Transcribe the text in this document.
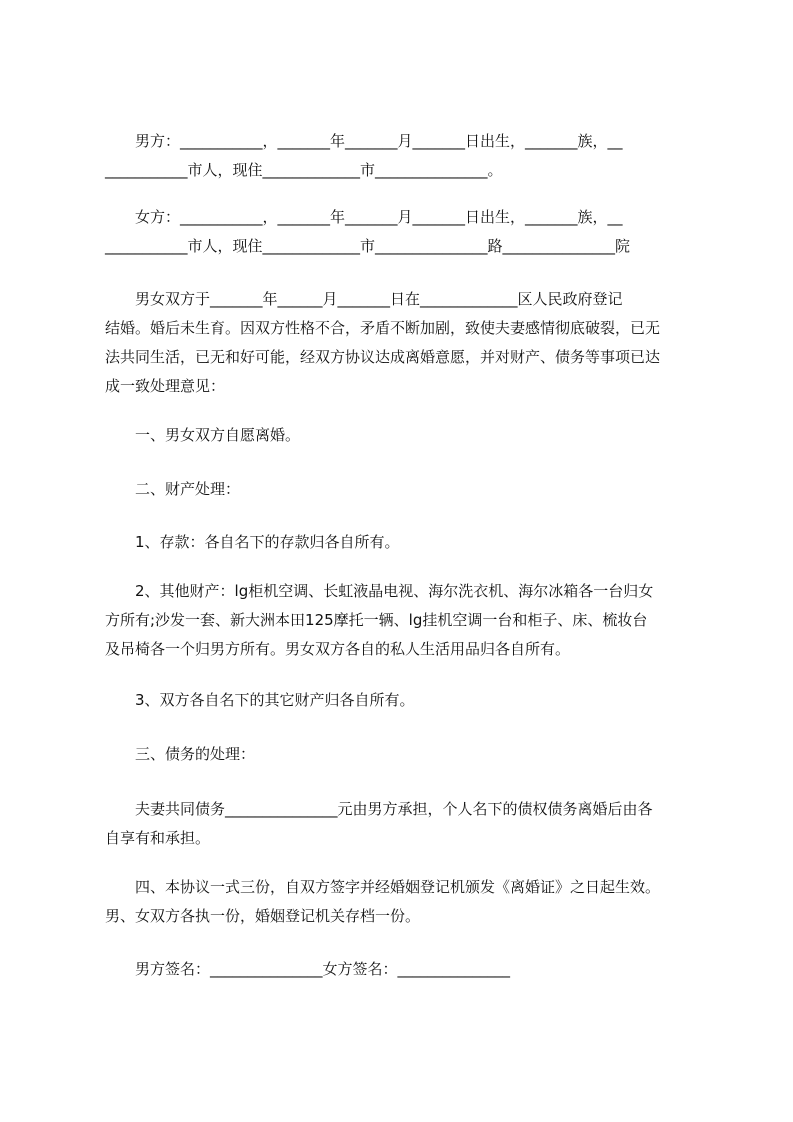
　　男方：___________，_______年_______月_______日出生，_______族，__
___________市人，现住_____________市_______________。
　　女方：___________，_______年_______月_______日出生，_______族，__
___________市人，现住_____________市_______________路_______________院
　　男女双方于_______年______月_______日在_____________区人民政府登记
结婚。婚后未生育。因双方性格不合，矛盾不断加剧，致使夫妻感情彻底破裂，已无
法共同生活，已无和好可能，经双方协议达成离婚意愿，并对财产、债务等事项已达
成一致处理意见：
　　一、男女双方自愿离婚。
　　二、财产处理：
　　1、存款：各自名下的存款归各自所有。
　　2、其他财产：lg柜机空调、长虹液晶电视、海尔洗衣机、海尔冰箱各一台归女
方所有;沙发一套、新大洲本田125摩托一辆、lg挂机空调一台和柜子、床、梳妆台
及吊椅各一个归男方所有。男女双方各自的私人生活用品归各自所有。
　　3、双方各自名下的其它财产归各自所有。
　　三、债务的处理：
　　夫妻共同债务_______________元由男方承担，个人名下的债权债务离婚后由各
自享有和承担。
　　四、本协议一式三份，自双方签字并经婚姻登记机颁发《离婚证》之日起生效。
男、女双方各执一份，婚姻登记机关存档一份。
　　男方签名：_______________女方签名：_______________
